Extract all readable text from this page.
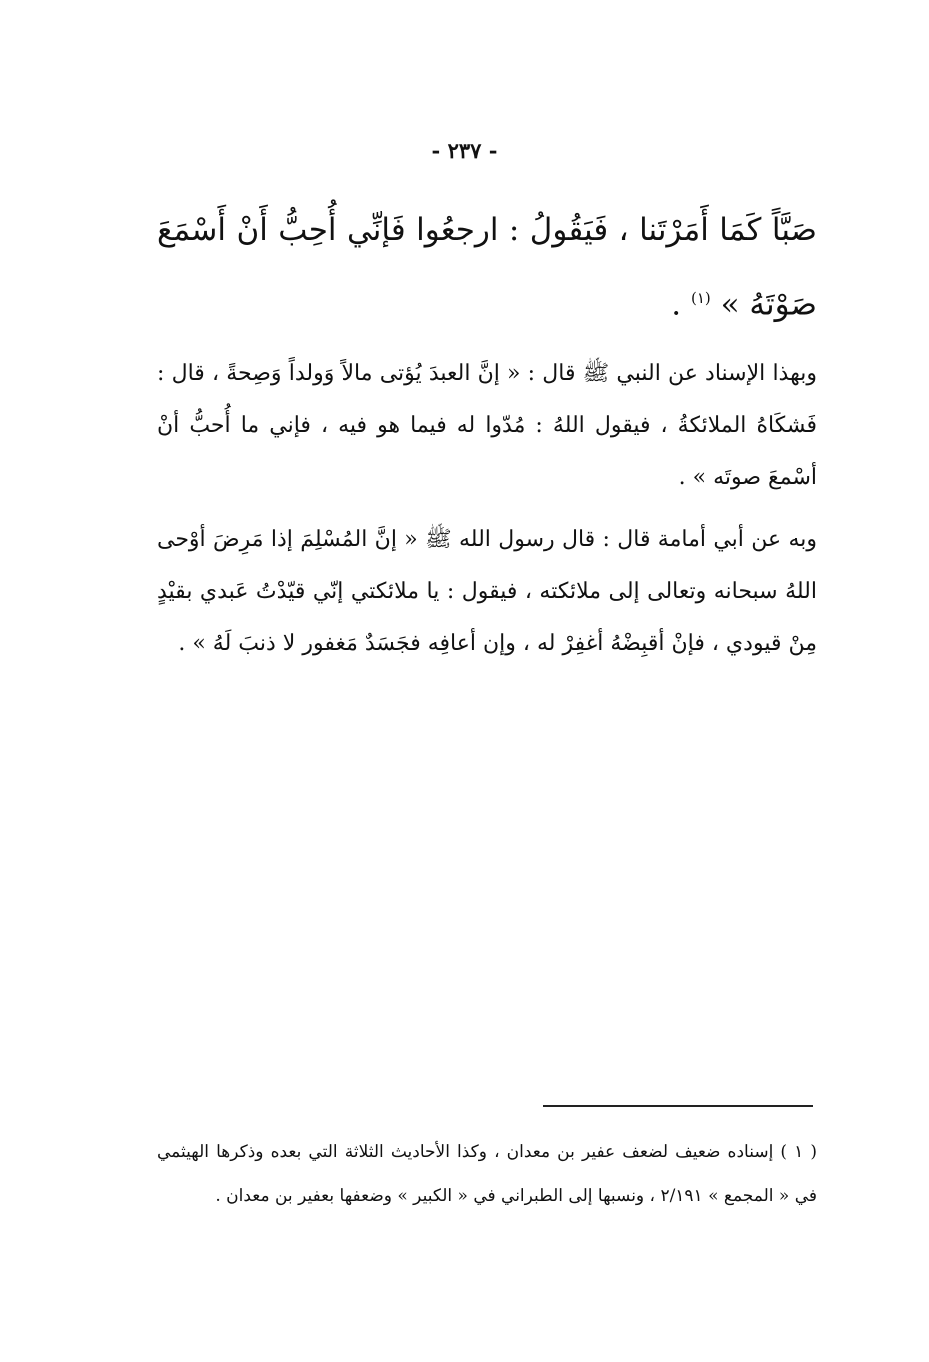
- ٢٣٧ -
صَبَّاً كَمَا أَمَرْتَنا ، فَيَقُولُ : ارجعُوا فَإنِّي أُحِبُّ أَنْ أَسْمَعَ صَوْتَهُ » $^{(١)}$ .
وبهذا الإسناد عن النبي ﷺ قال : « إنَّ العبدَ يُؤتى مالاً وَولداً وَصِحةً ، قال : فَشكَاهُ الملائكةُ ، فيقول اللهُ : مُدّوا له فيما هو فيه ، فإني ما أُحبُّ أنْ أسْمعَ صوتَه » .
وبه عن أبي أمامة قال : قال رسول الله ﷺ « إنَّ المُسْلِمَ إذا مَرِضَ أوْحى اللهُ سبحانه وتعالى إلى ملائكته ، فيقول : يا ملائكتي إنّي قيّدْتُ عَبدي بقيْدٍ مِنْ قيودي ، فإنْ أقبِضْهُ أغفِرْ له ، وإن أعافِه فجَسَدٌ مَغفور لا ذنبَ لَهُ » .
( ١ ) إسناده ضعيف لضعف عفير بن معدان ، وكذا الأحاديث الثلاثة التي بعده وذكرها الهيثمي في « المجمع » ٢/١٩١ ، ونسبها إلى الطبراني في « الكبير » وضعفها بعفير بن معدان .
